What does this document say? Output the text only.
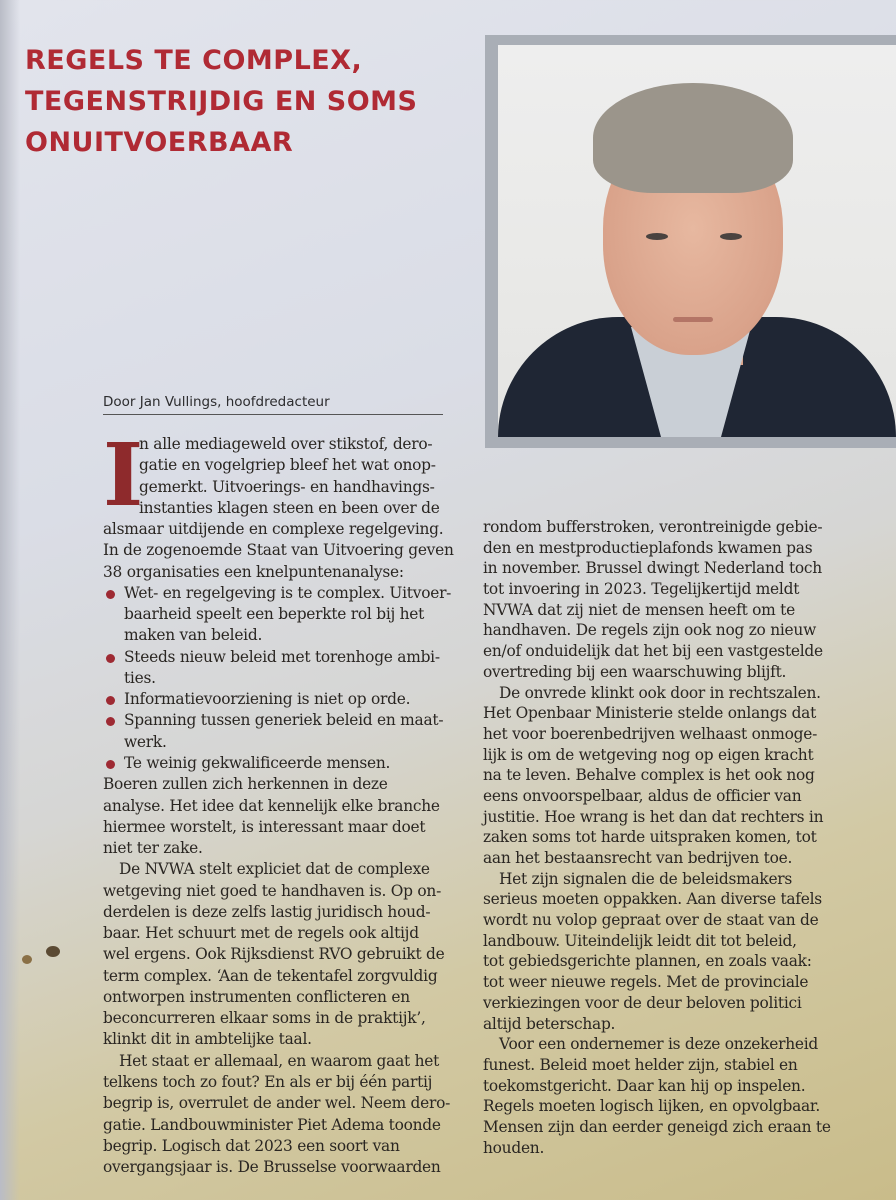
REGELS TE COMPLEX,
TEGENSTRIJDIG EN SOMS
ONUITVOERBAAR
Door Jan Vullings, hoofdredacteur
I
n alle mediageweld over stikstof, dero-
gatie en vogelgriep bleef het wat onop-
gemerkt. Uitvoerings- en handhavings-
instanties klagen steen en been over de
alsmaar uitdijende en complexe regelgeving.
In de zogenoemde Staat van Uitvoering geven
38 organisaties een knelpuntenanalyse:
Wet- en regelgeving is te complex. Uitvoer-
baarheid speelt een beperkte rol bij het
maken van beleid.
Steeds nieuw beleid met torenhoge ambi-
ties.
Informatievoorziening is niet op orde.
Spanning tussen generiek beleid en maat-
werk.
Te weinig gekwalificeerde mensen.
Boeren zullen zich herkennen in deze
analyse. Het idee dat kennelijk elke branche
hiermee worstelt, is interessant maar doet
niet ter zake.
De NVWA stelt expliciet dat de complexe
wetgeving niet goed te handhaven is. Op on-
derdelen is deze zelfs lastig juridisch houd-
baar. Het schuurt met de regels ook altijd
wel ergens. Ook Rijksdienst RVO gebruikt de
term complex. ‘Aan de tekentafel zorgvuldig
ontworpen instrumenten conflicteren en
beconcurreren elkaar soms in de praktijk’,
klinkt dit in ambtelijke taal.
Het staat er allemaal, en waarom gaat het
telkens toch zo fout? En als er bij één partij
begrip is, overrulet de ander wel. Neem dero-
gatie. Landbouwminister Piet Adema toonde
begrip. Logisch dat 2023 een soort van
overgangsjaar is. De Brusselse voorwaarden
rondom bufferstroken, verontreinigde gebie-
den en mestproductieplafonds kwamen pas
in november. Brussel dwingt Nederland toch
tot invoering in 2023. Tegelijkertijd meldt
NVWA dat zij niet de mensen heeft om te
handhaven. De regels zijn ook nog zo nieuw
en/of onduidelijk dat het bij een vastgestelde
overtreding bij een waarschuwing blijft.
De onvrede klinkt ook door in rechtszalen.
Het Openbaar Ministerie stelde onlangs dat
het voor boerenbedrijven welhaast onmoge-
lijk is om de wetgeving nog op eigen kracht
na te leven. Behalve complex is het ook nog
eens onvoorspelbaar, aldus de officier van
justitie. Hoe wrang is het dan dat rechters in
zaken soms tot harde uitspraken komen, tot
aan het bestaansrecht van bedrijven toe.
Het zijn signalen die de beleidsmakers
serieus moeten oppakken. Aan diverse tafels
wordt nu volop gepraat over de staat van de
landbouw. Uiteindelijk leidt dit tot beleid,
tot gebiedsgerichte plannen, en zoals vaak:
tot weer nieuwe regels. Met de provinciale
verkiezingen voor de deur beloven politici
altijd beterschap.
Voor een ondernemer is deze onzekerheid
funest. Beleid moet helder zijn, stabiel en
toekomstgericht. Daar kan hij op inspelen.
Regels moeten logisch lijken, en opvolgbaar.
Mensen zijn dan eerder geneigd zich eraan te
houden.
